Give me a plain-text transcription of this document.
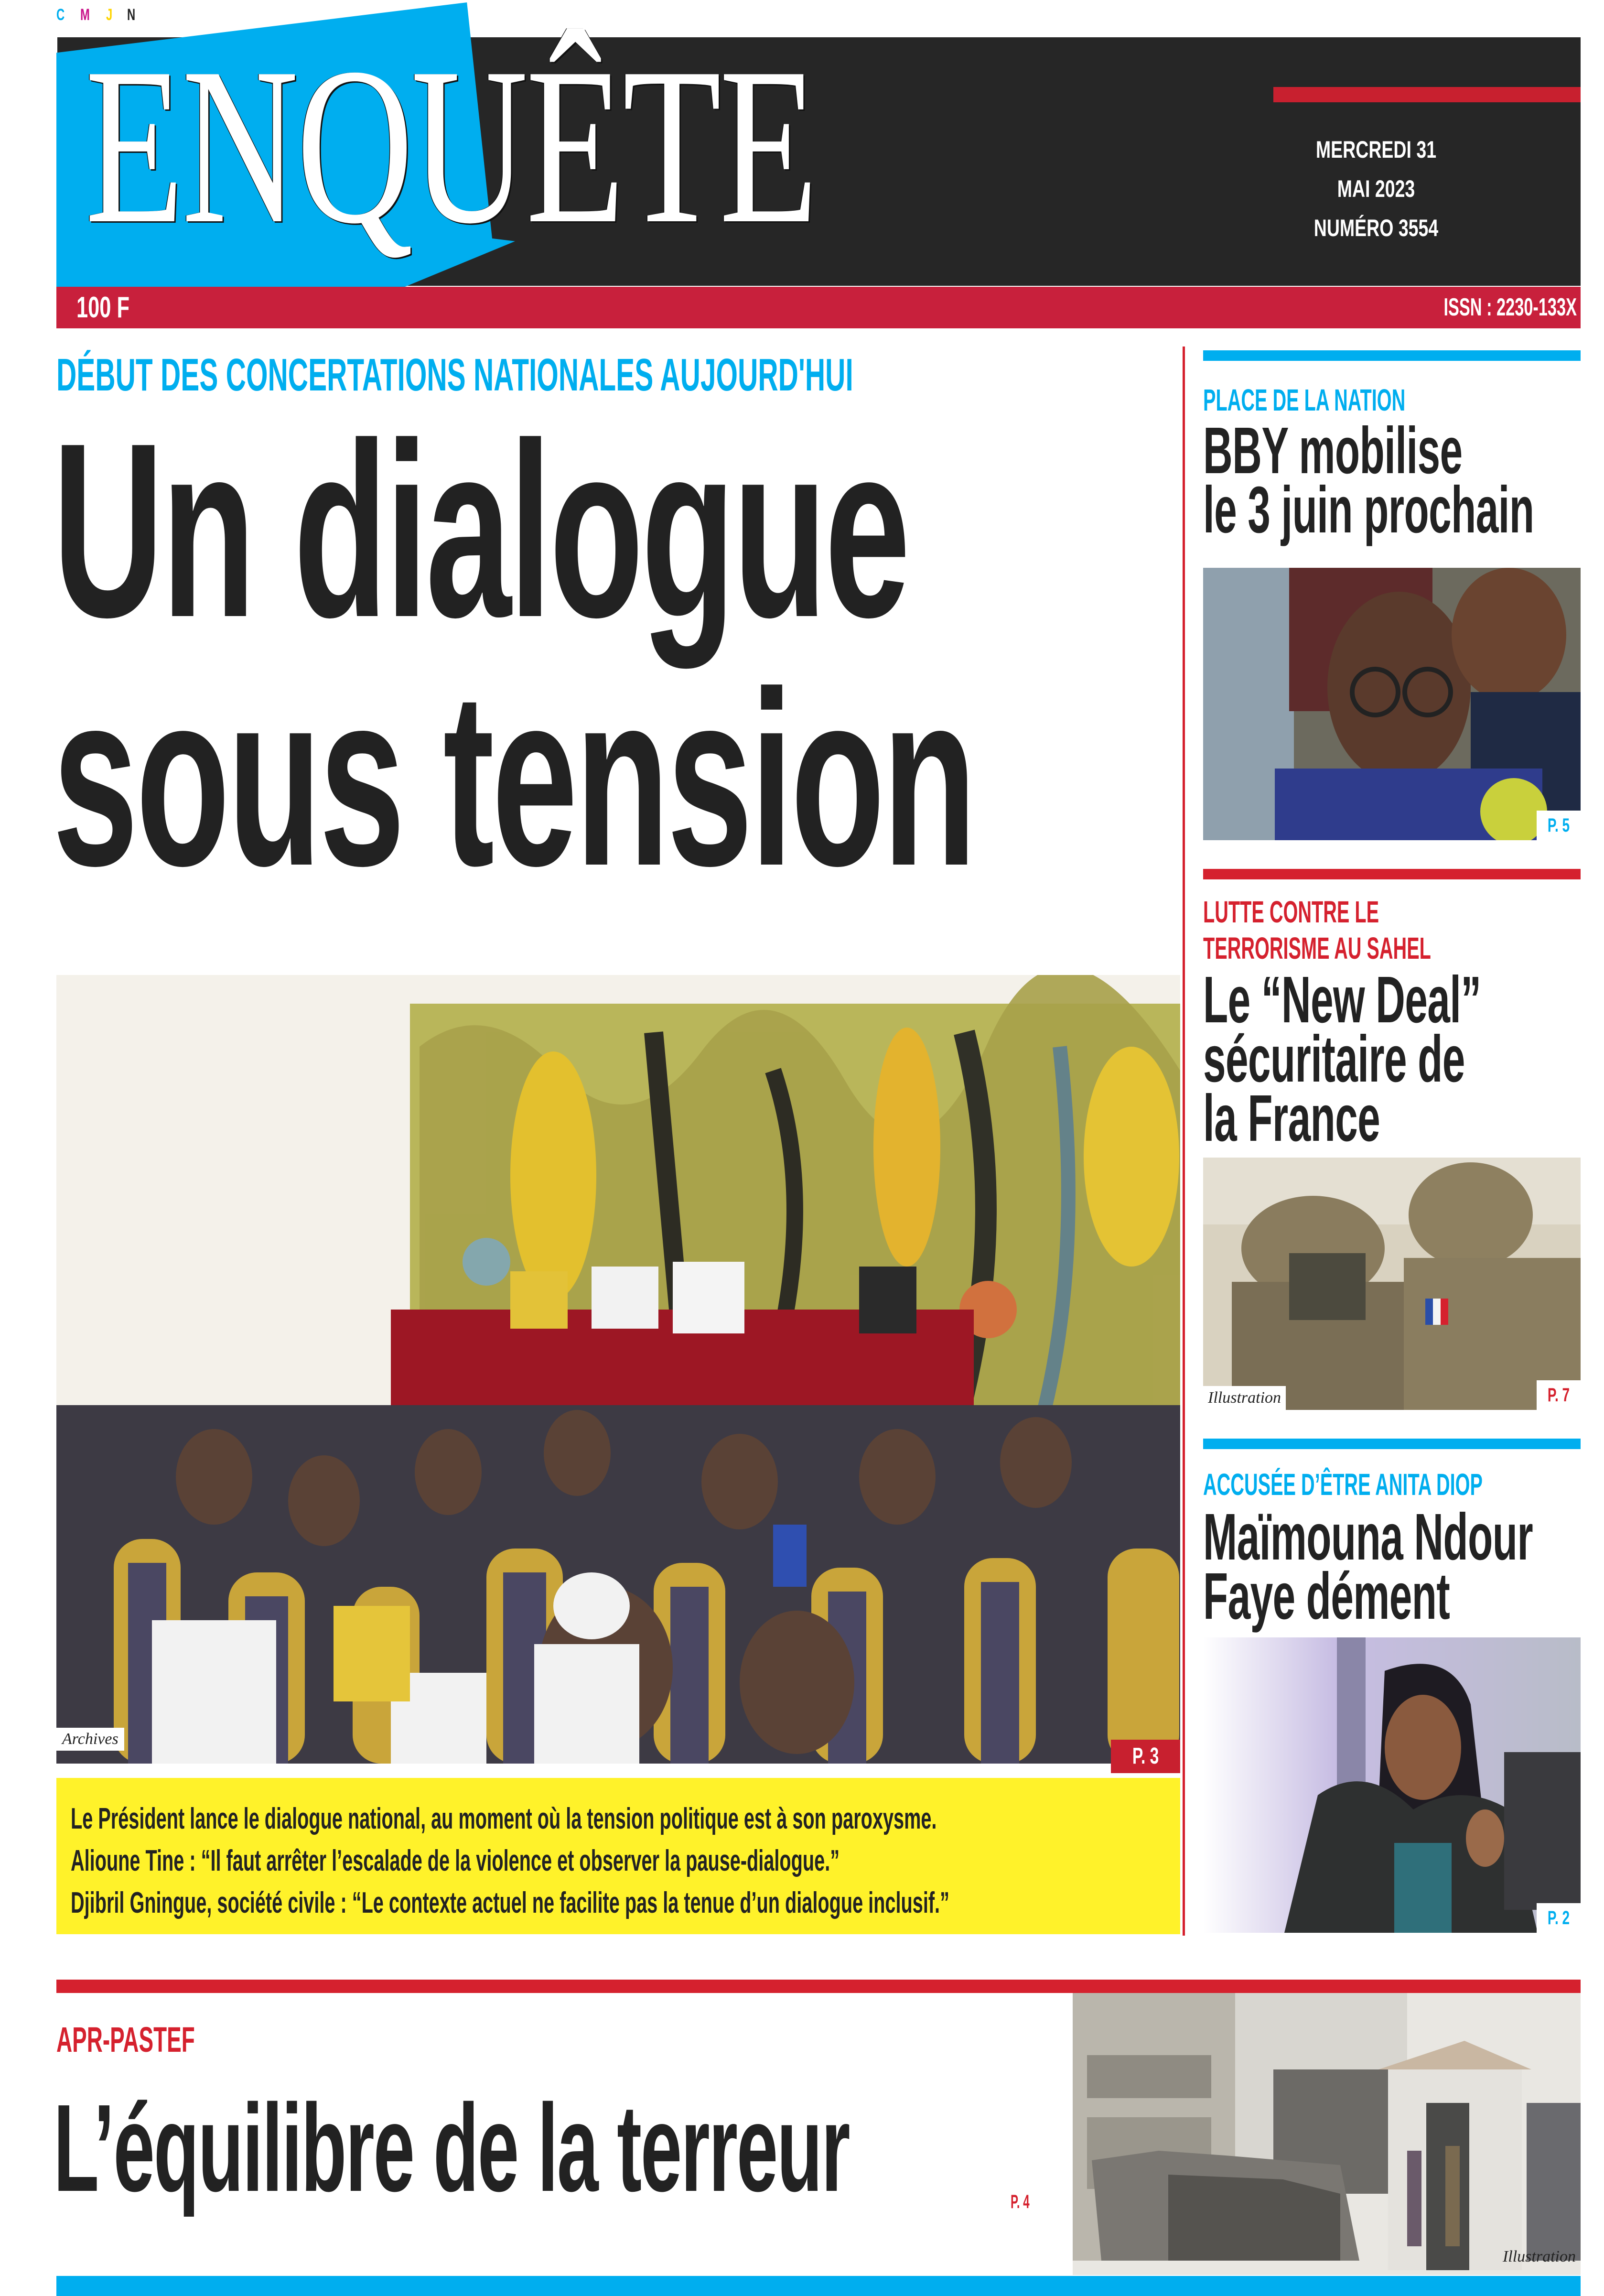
C M J N
ENQUÊTE	MERCREDI 31
MAI 2023
NUMÉRO 3554
100 F	ISSN : 2230-133X
DÉBUT DES CONCERTATIONS NATIONALES AUJOURD'HUI
Un dialogue
sous tension
Archives
P. 3

Le Président lance le dialogue national, au moment où la tension politique est à son paroxysme.

Alioune Tine : “Il faut arrêter l’escalade de la violence et observer la pause-dialogue.”

Djibril Gningue, société civile : “Le contexte actuel ne facilite pas la tenue d’un dialogue inclusif.”

PLACE DE LA NATION
BBY mobilise
le 3 juin prochain
P. 5
LUTTE CONTRE LE
TERRORISME AU SAHEL
Le “New Deal”
sécuritaire de
la France
Illustration	P. 7
ACCUSÉE D’ÊTRE ANITA DIOP
Maïmouna Ndour
Faye dément
P. 2
APR-PASTEF
L’équilibre de la terreur	P. 4
Illustration
